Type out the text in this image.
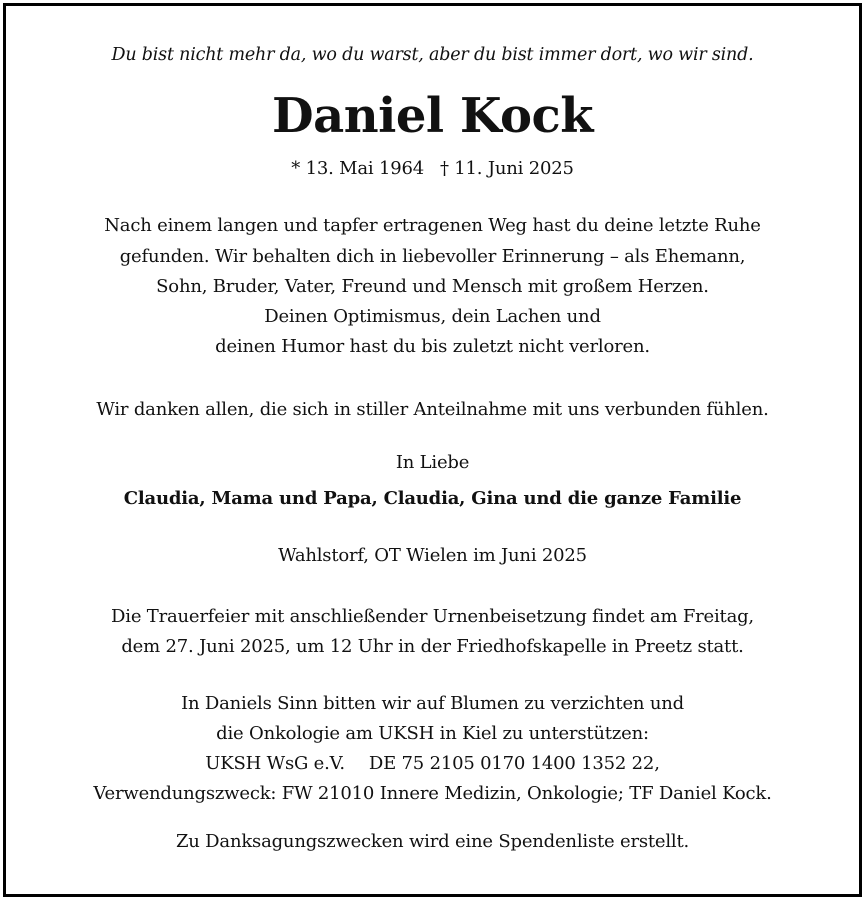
Du bist nicht mehr da, wo du warst, aber du bist immer dort, wo wir sind.
Daniel Kock
* 13. Mai 1964 † 11. Juni 2025
Nach einem langen und tapfer ertragenen Weg hast du deine letzte Ruhe
gefunden. Wir behalten dich in liebevoller Erinnerung – als Ehemann,
Sohn, Bruder, Vater, Freund und Mensch mit großem Herzen.
Deinen Optimismus, dein Lachen und
deinen Humor hast du bis zuletzt nicht verloren.
Wir danken allen, die sich in stiller Anteilnahme mit uns verbunden fühlen.
In Liebe
Claudia, Mama und Papa, Claudia, Gina und die ganze Familie
Wahlstorf, OT Wielen im Juni 2025
Die Trauerfeier mit anschließender Urnenbeisetzung findet am Freitag,
dem 27. Juni 2025, um 12 Uhr in der Friedhofskapelle in Preetz statt.
In Daniels Sinn bitten wir auf Blumen zu verzichten und
die Onkologie am UKSH in Kiel zu unterstützen:
UKSH WsG e.V. DE 75 2105 0170 1400 1352 22,
Verwendungszweck: FW 21010 Innere Medizin, Onkologie; TF Daniel Kock.
Zu Danksagungszwecken wird eine Spendenliste erstellt.
